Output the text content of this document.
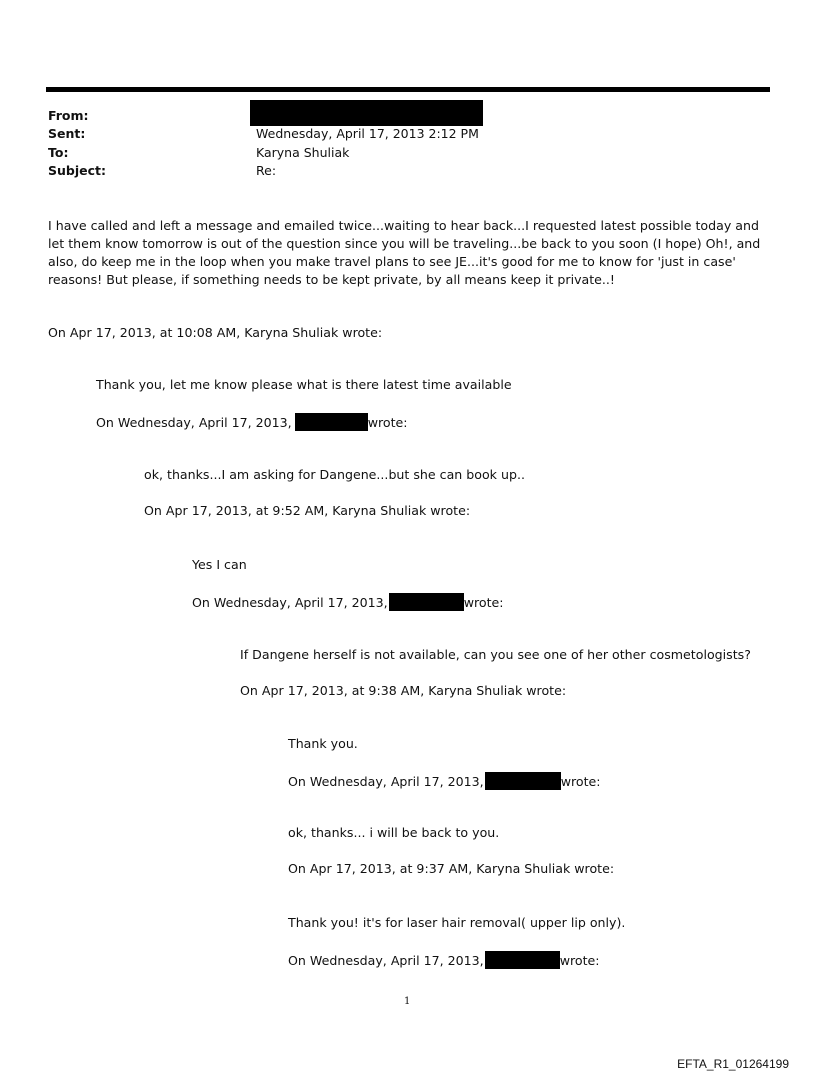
From:
Sent:	Wednesday, April 17, 2013 2:12 PM
To:	Karyna Shuliak
Subject:	Re:

I have called and left a message and emailed twice...waiting to hear back...I requested latest possible today and let them know tomorrow is out of the question since you will be traveling...be back to you soon (I hope) Oh!, and also, do keep me in the loop when you make travel plans to see JE...it's good for me to know for 'just in case' reasons! But please, if something needs to be kept private, by all means keep it private..!

On Apr 17, 2013, at 10:08 AM, Karyna Shuliak wrote:

Thank you, let me know please what is there latest time available

On Wednesday, April 17, 2013,	wrote:

ok, thanks...I am asking for Dangene...but she can book up..

On Apr 17, 2013, at 9:52 AM, Karyna Shuliak wrote:

Yes I can

On Wednesday, April 17, 2013,	wrote:

If Dangene herself is not available, can you see one of her other cosmetologists?

On Apr 17, 2013, at 9:38 AM, Karyna Shuliak wrote:

Thank you.

On Wednesday, April 17, 2013,	wrote:

ok, thanks... i will be back to you.

On Apr 17, 2013, at 9:37 AM, Karyna Shuliak wrote:

Thank you! it's for laser hair removal( upper lip only).

On Wednesday, April 17, 2013,	wrote:

1
EFTA_R1_01264199
